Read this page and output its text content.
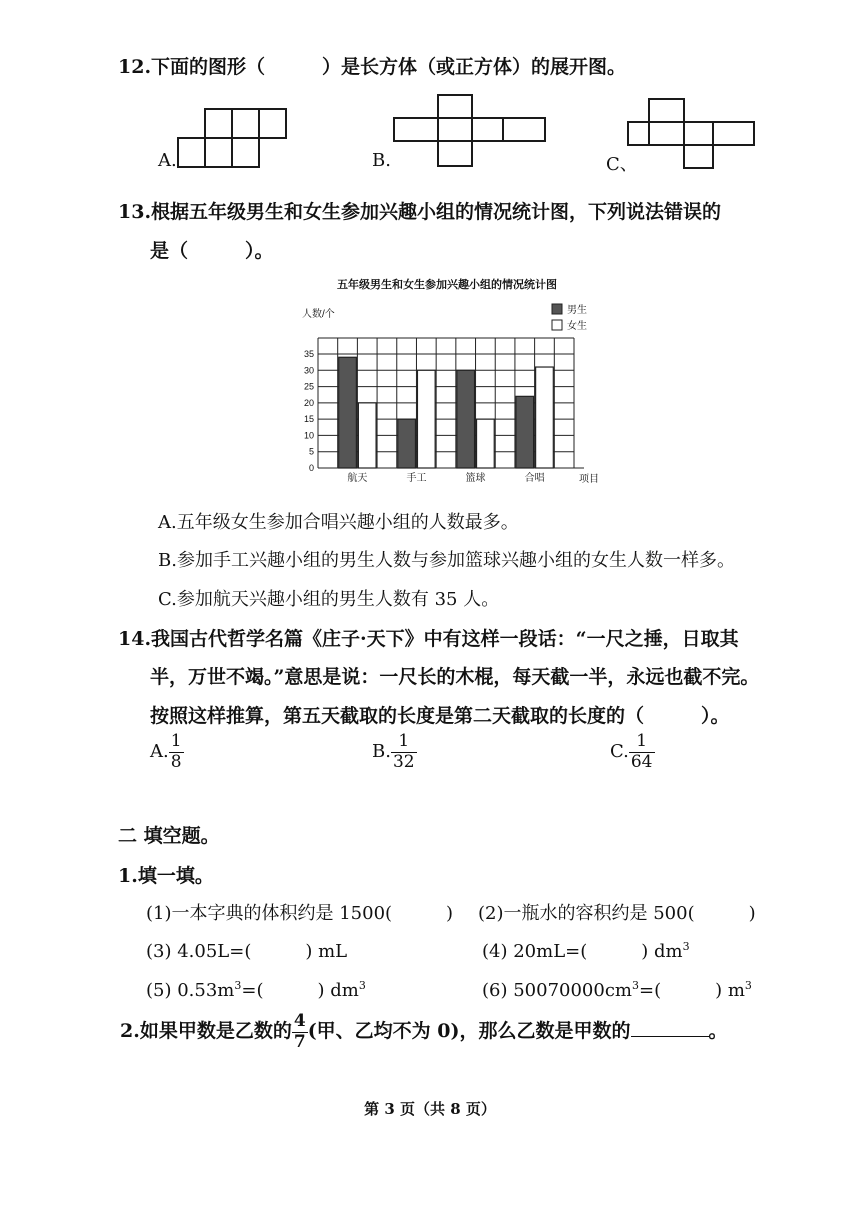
12.下面的图形（　　　）是长方体（或正方体）的展开图。
A.	B.	C、
13.根据五年级男生和女生参加兴趣小组的情况统计图，下列说法错误的
是（　　　）。
五年级男生和女生参加兴趣小组的情况统计图
人数/个
项目
0
5
10
15
20
25
30
35
航天	手工	篮球	合唱
男生
女生
A.五年级女生参加合唱兴趣小组的人数最多。
B.参加手工兴趣小组的男生人数与参加篮球兴趣小组的女生人数一样多。
C.参加航天兴趣小组的男生人数有 35 人。
14.我国古代哲学名篇《庄子·天下》中有这样一段话：“一尺之捶，日取其
半，万世不竭。”意思是说：一尺长的木棍，每天截一半，永远也截不完。
按照这样推算，第五天截取的长度是第二天截取的长度的（　　　）。
A. $\frac{1}{8}$	B. $\frac{1}{32}$	C. $\frac{1}{64}$
二 填空题。
1.填一填。
(1)一本字典的体积约是 1500(　　　) (2)一瓶水的容积约是 500(　　　)
(3) 4.05L=(　　　) mL	(4) 20mL=(　　　) $dm^3$
(5) $0.53m^3=$(　　　) $dm^3$	(6) $50070000cm^3=$(　　　) $m^3$
2.如果甲数是乙数的 $\frac{4}{7}$ (甲、乙均不为 0)，那么乙数是甲数的	。
第 3 页（共 8 页）
